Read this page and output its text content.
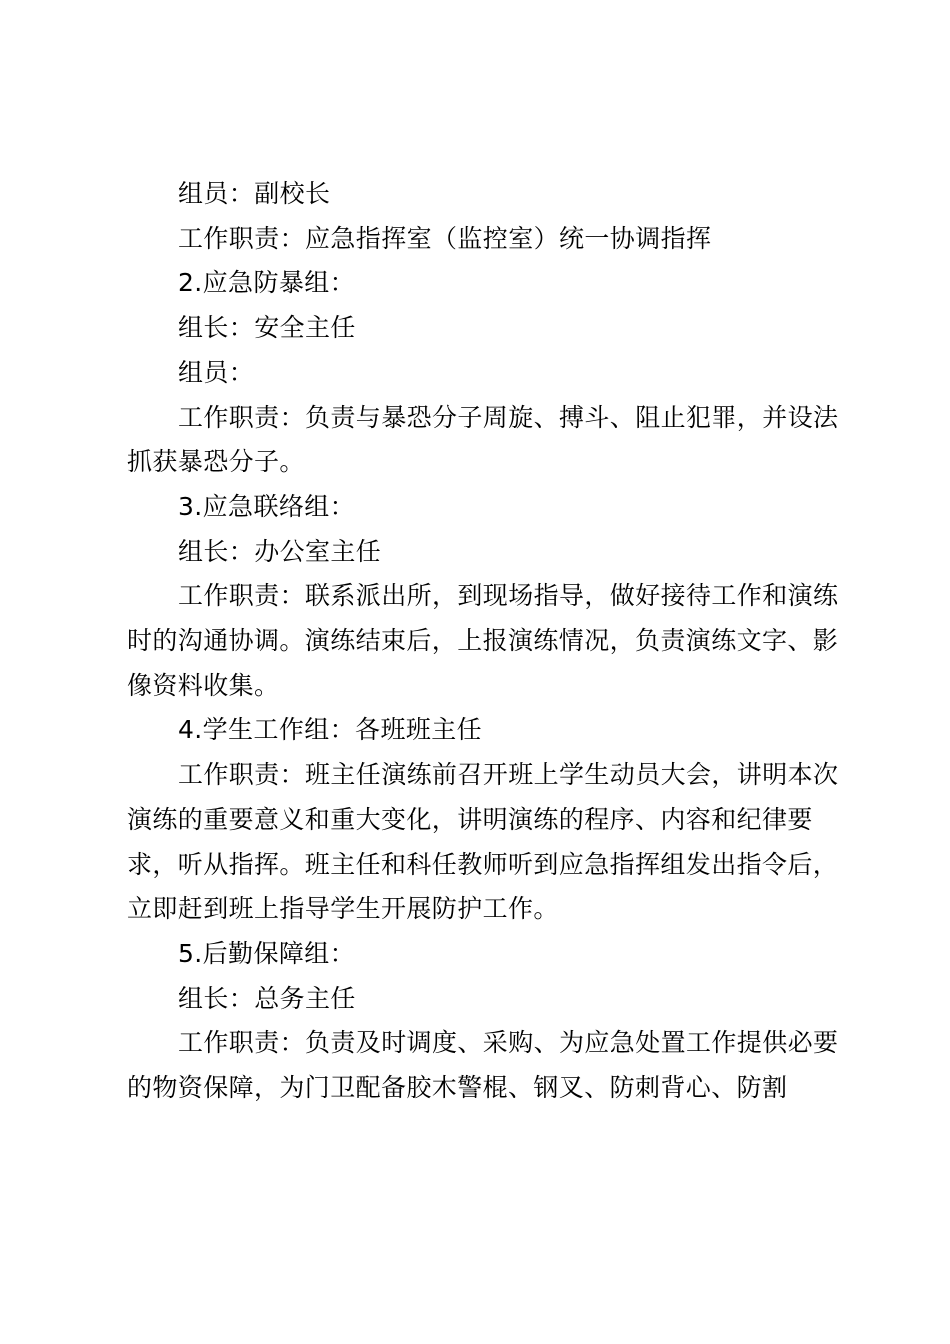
组员：副校长

工作职责：应急指挥室（监控室）统一协调指挥

2.应急防暴组：

组长：安全主任

组员：

工作职责：负责与暴恐分子周旋、搏斗、阻止犯罪，并设法抓获暴恐分子。

3.应急联络组：

组长：办公室主任

工作职责：联系派出所，到现场指导，做好接待工作和演练时的沟通协调。演练结束后，上报演练情况，负责演练文字、影像资料收集。

4.学生工作组：各班班主任

工作职责：班主任演练前召开班上学生动员大会，讲明本次演练的重要意义和重大变化，讲明演练的程序、内容和纪律要求，听从指挥。班主任和科任教师听到应急指挥组发出指令后，立即赶到班上指导学生开展防护工作。

5.后勤保障组：

组长：总务主任

工作职责：负责及时调度、采购、为应急处置工作提供必要的物资保障，为门卫配备胶木警棍、钢叉、防刺背心、防割
